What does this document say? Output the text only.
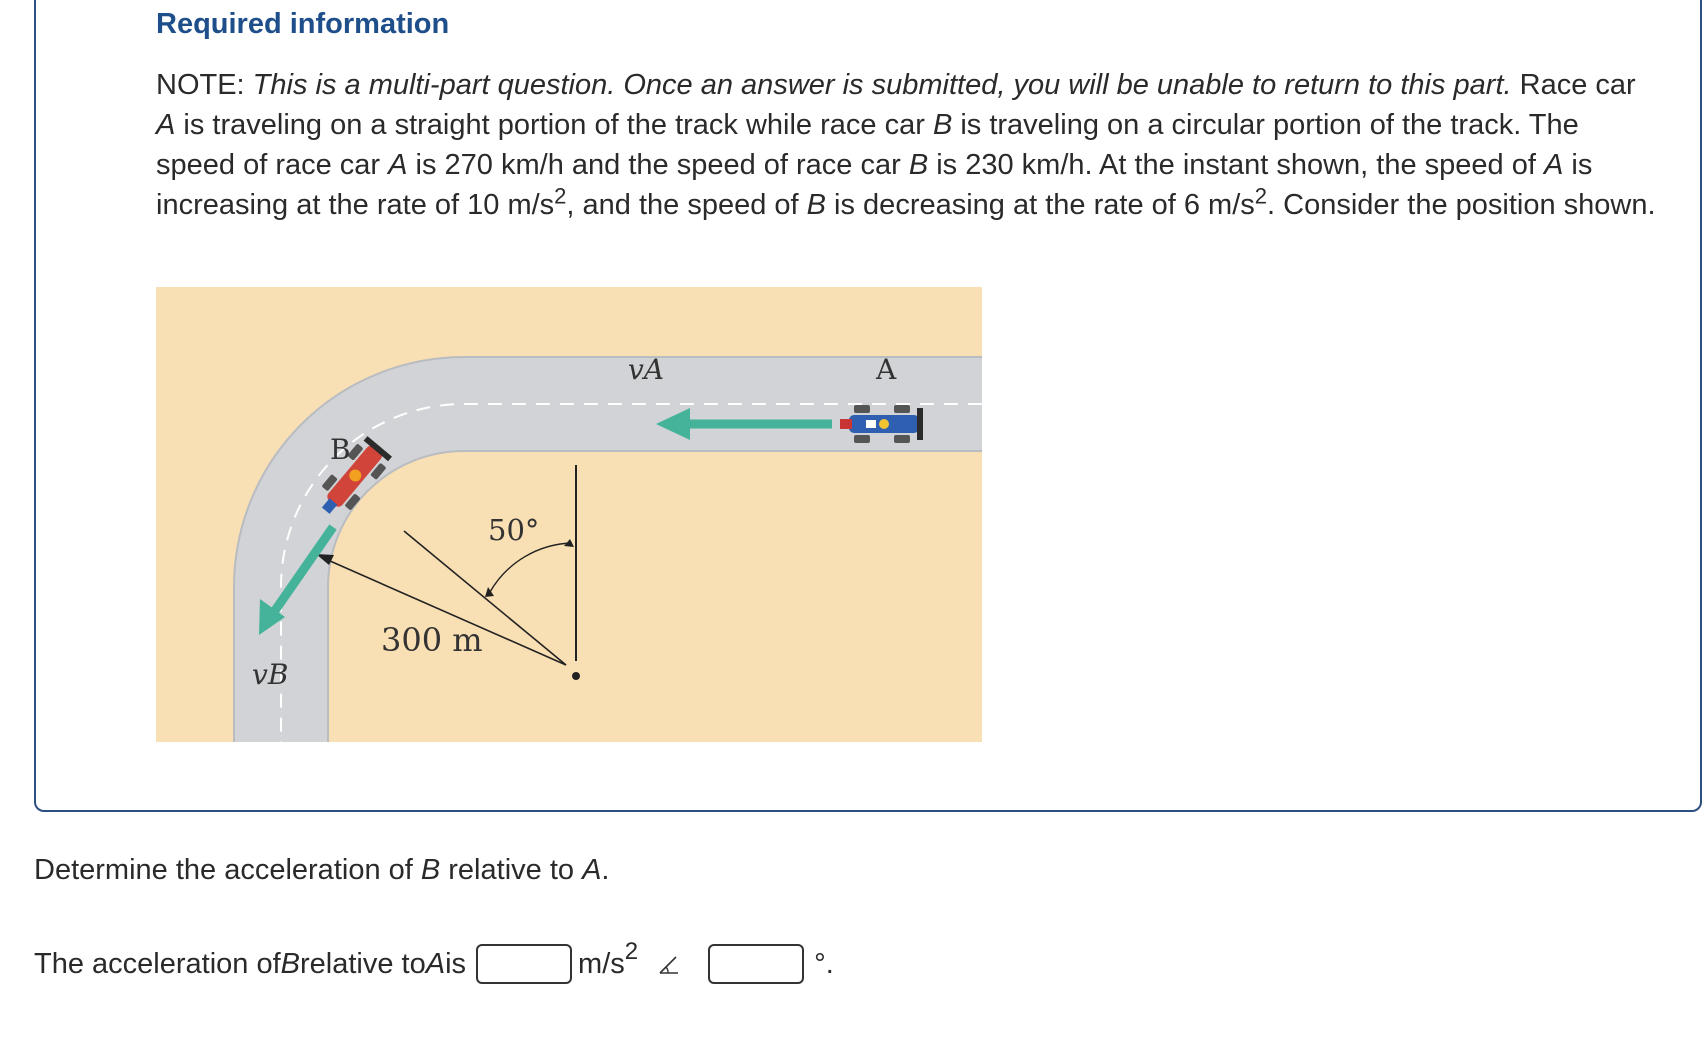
Required information

NOTE: This is a multi-part question. Once an answer is submitted, you will be unable to return to this part. Race car A is traveling on a straight portion of the track while race car B is traveling on a circular portion of the track. The speed of race car A is 270 km/h and the speed of race car B is 230 km/h. At the instant shown, the speed of A is increasing at the rate of 10 $m/s^2$, and the speed of B is decreasing at the rate of 6 $m/s^2$. Consider the position shown.

vA	A
B
vB
50°
300 m

Determine the acceleration of B relative to A.

The acceleration of B relative to A is	$m/s^2$	°.
